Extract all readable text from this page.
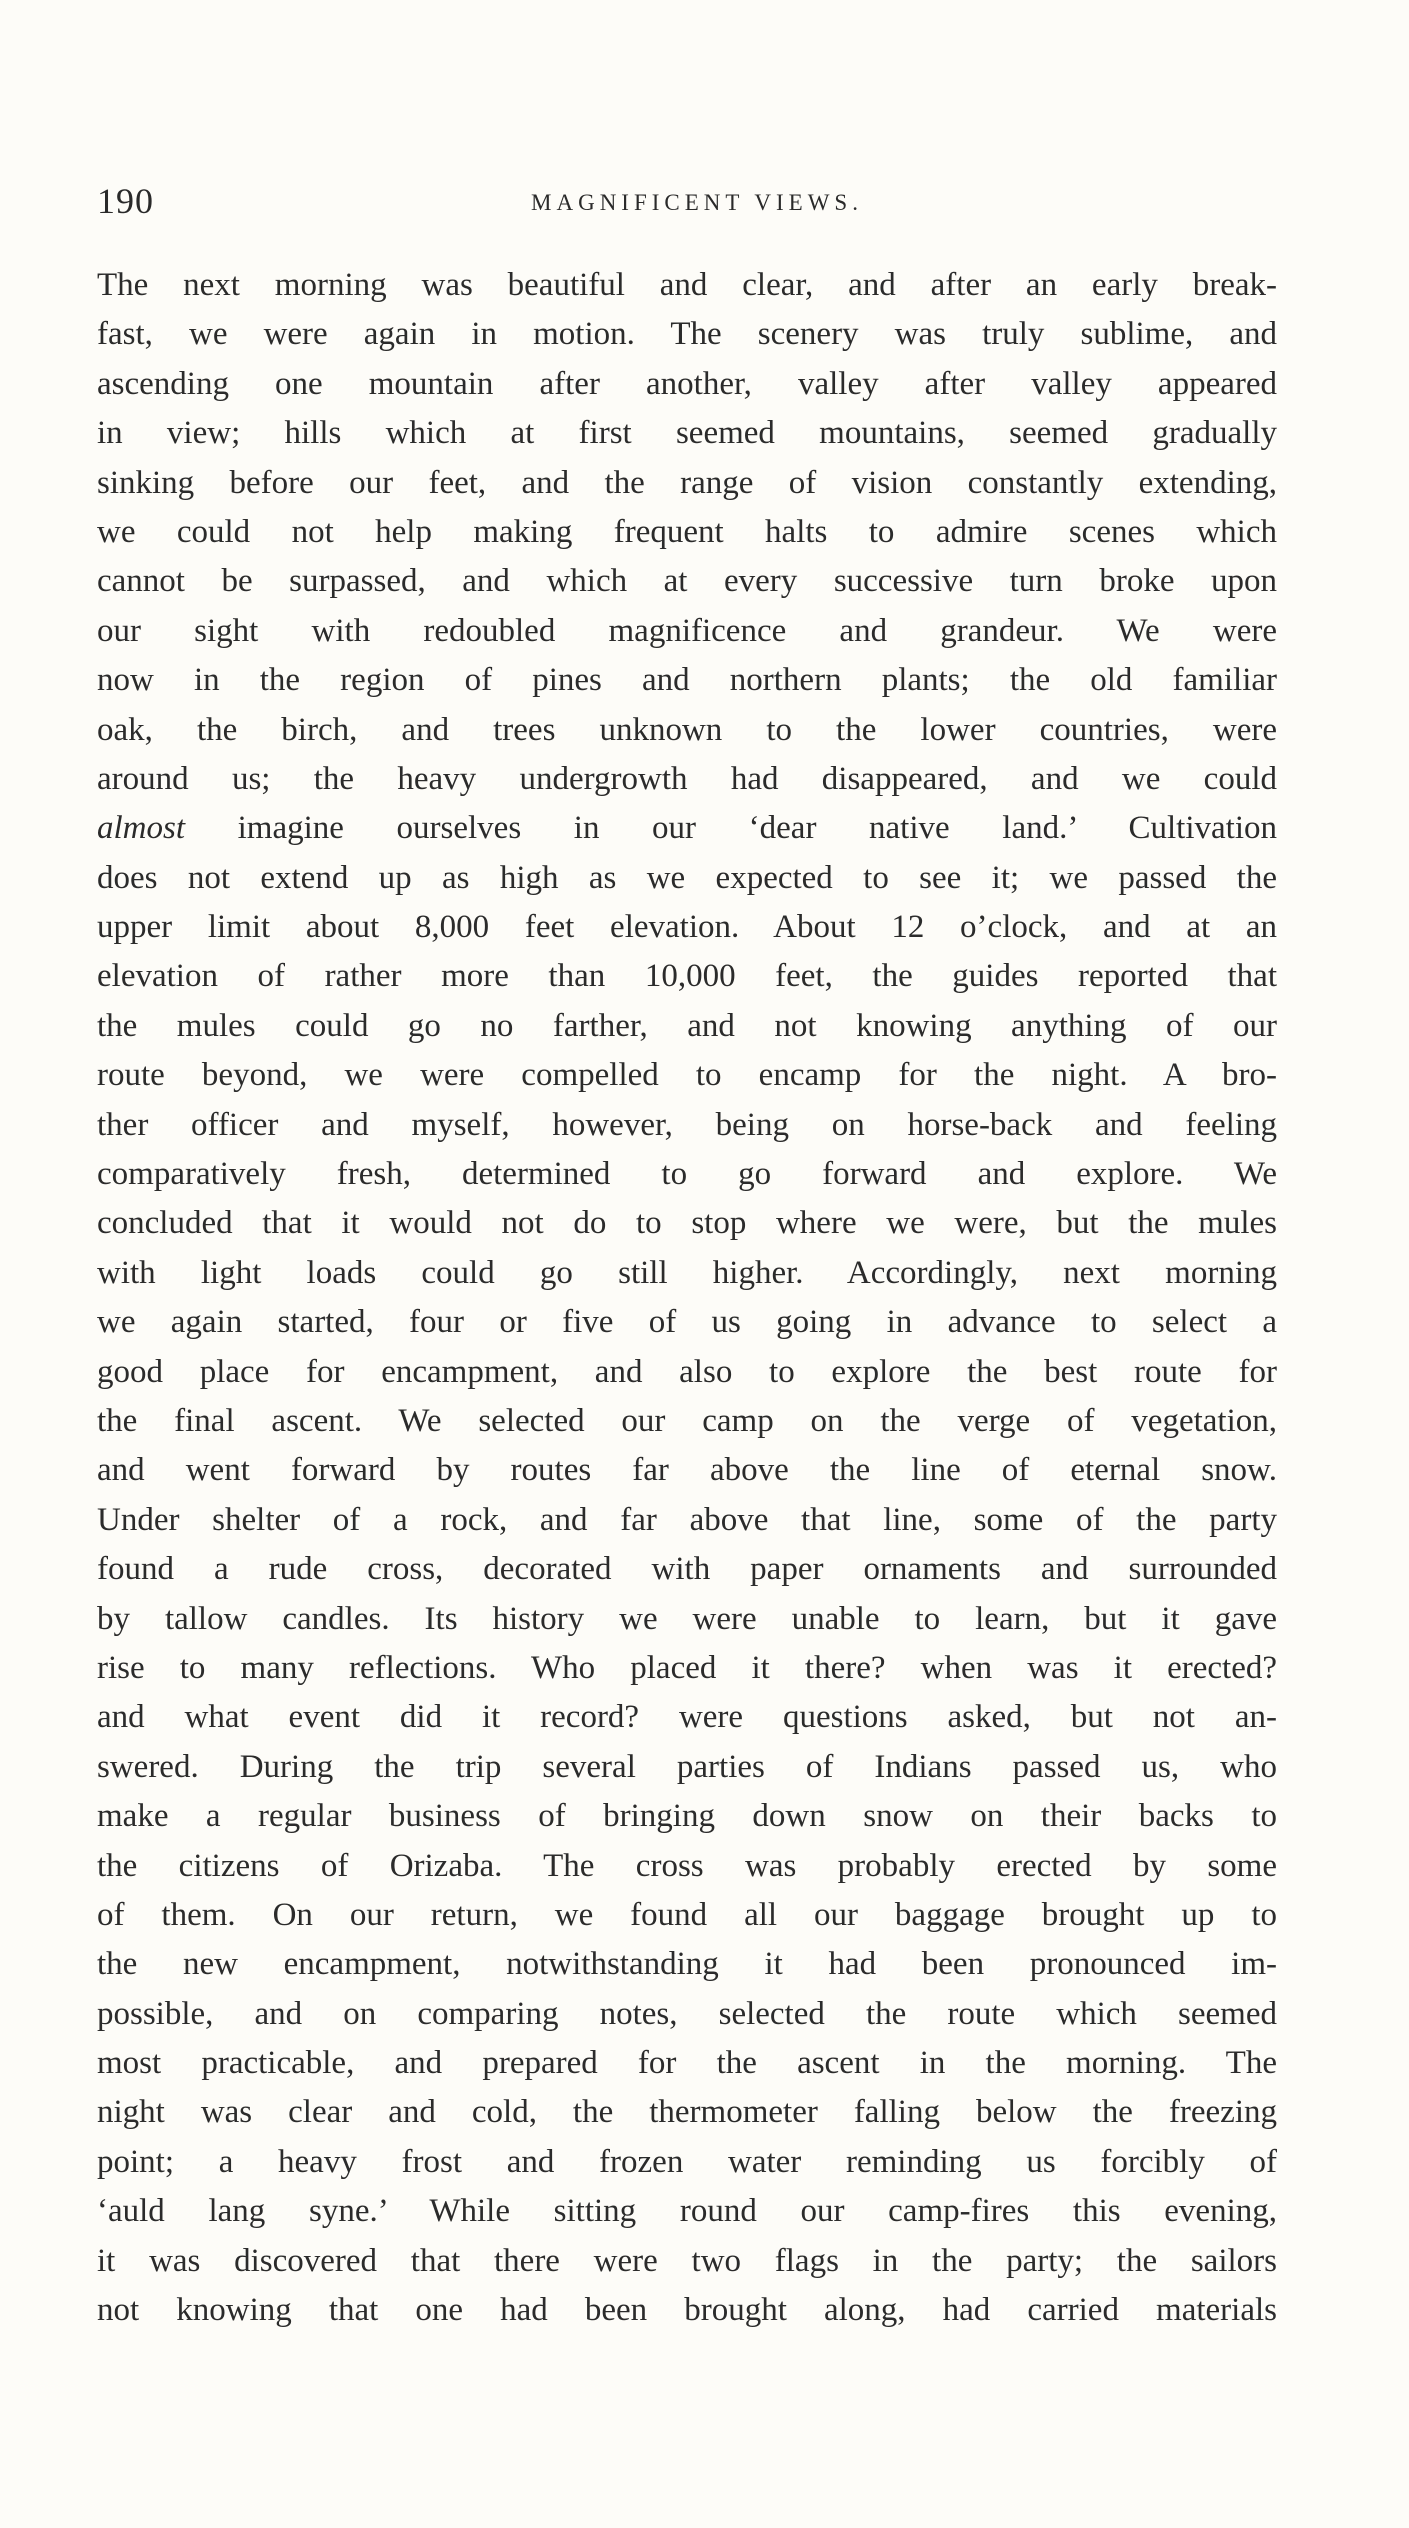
190	MAGNIFICENT VIEWS.
The next morning was beautiful and clear, and after an early break-
fast, we were again in motion. The scenery was truly sublime, and
ascending one mountain after another, valley after valley appeared
in view; hills which at first seemed mountains, seemed gradually
sinking before our feet, and the range of vision constantly extending,
we could not help making frequent halts to admire scenes which
cannot be surpassed, and which at every successive turn broke upon
our sight with redoubled magnificence and grandeur. We were
now in the region of pines and northern plants; the old familiar
oak, the birch, and trees unknown to the lower countries, were
around us; the heavy undergrowth had disappeared, and we could
almost imagine ourselves in our ‘dear native land.’ Cultivation
does not extend up as high as we expected to see it; we passed the
upper limit about 8,000 feet elevation. About 12 o’clock, and at an
elevation of rather more than 10,000 feet, the guides reported that
the mules could go no farther, and not knowing anything of our
route beyond, we were compelled to encamp for the night. A bro-
ther officer and myself, however, being on horse-back and feeling
comparatively fresh, determined to go forward and explore. We
concluded that it would not do to stop where we were, but the mules
with light loads could go still higher. Accordingly, next morning
we again started, four or five of us going in advance to select a
good place for encampment, and also to explore the best route for
the final ascent. We selected our camp on the verge of vegetation,
and went forward by routes far above the line of eternal snow.
Under shelter of a rock, and far above that line, some of the party
found a rude cross, decorated with paper ornaments and surrounded
by tallow candles. Its history we were unable to learn, but it gave
rise to many reflections. Who placed it there? when was it erected?
and what event did it record? were questions asked, but not an-
swered. During the trip several parties of Indians passed us, who
make a regular business of bringing down snow on their backs to
the citizens of Orizaba. The cross was probably erected by some
of them. On our return, we found all our baggage brought up to
the new encampment, notwithstanding it had been pronounced im-
possible, and on comparing notes, selected the route which seemed
most practicable, and prepared for the ascent in the morning. The
night was clear and cold, the thermometer falling below the freezing
point; a heavy frost and frozen water reminding us forcibly of
‘auld lang syne.’ While sitting round our camp-fires this evening,
it was discovered that there were two flags in the party; the sailors
not knowing that one had been brought along, had carried materials
